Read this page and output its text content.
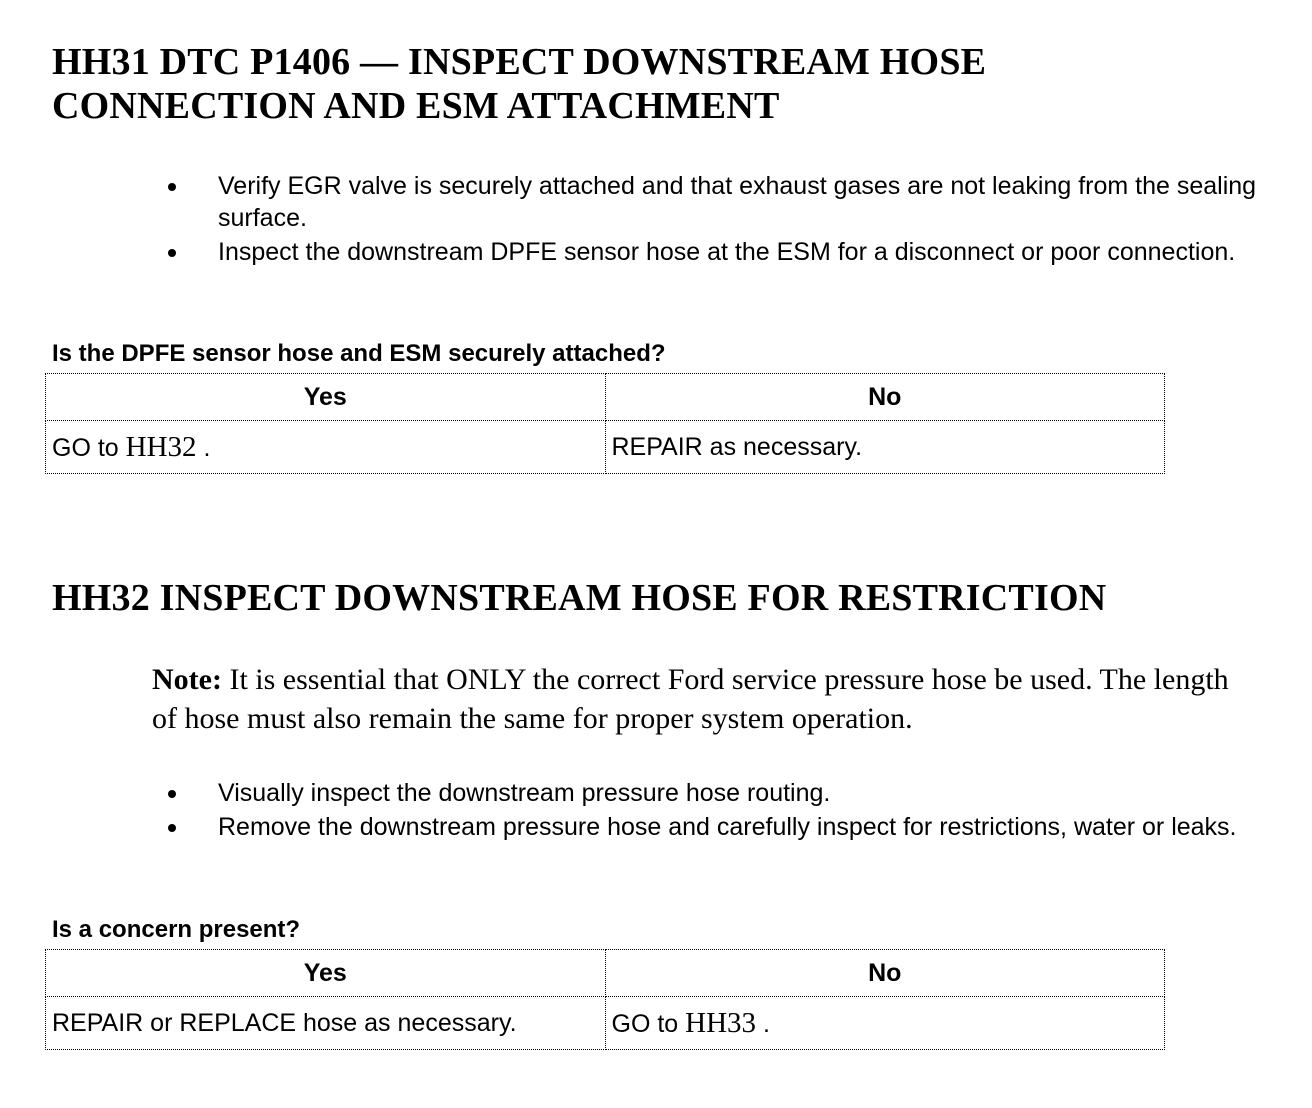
HH31 DTC P1406 — INSPECT DOWNSTREAM HOSE CONNECTION AND ESM ATTACHMENT
Verify EGR valve is securely attached and that exhaust gases are not leaking from the sealing surface.
Inspect the downstream DPFE sensor hose at the ESM for a disconnect or poor connection.

Is the DPFE sensor hose and ESM securely attached?

Yes	No
GO to HH32 .	REPAIR as necessary.
HH32 INSPECT DOWNSTREAM HOSE FOR RESTRICTION

Note: It is essential that ONLY the correct Ford service pressure hose be used. The length of hose must also remain the same for proper system operation.

Visually inspect the downstream pressure hose routing.
Remove the downstream pressure hose and carefully inspect for restrictions, water or leaks.

Is a concern present?

Yes	No
REPAIR or REPLACE hose as necessary.	GO to HH33 .
